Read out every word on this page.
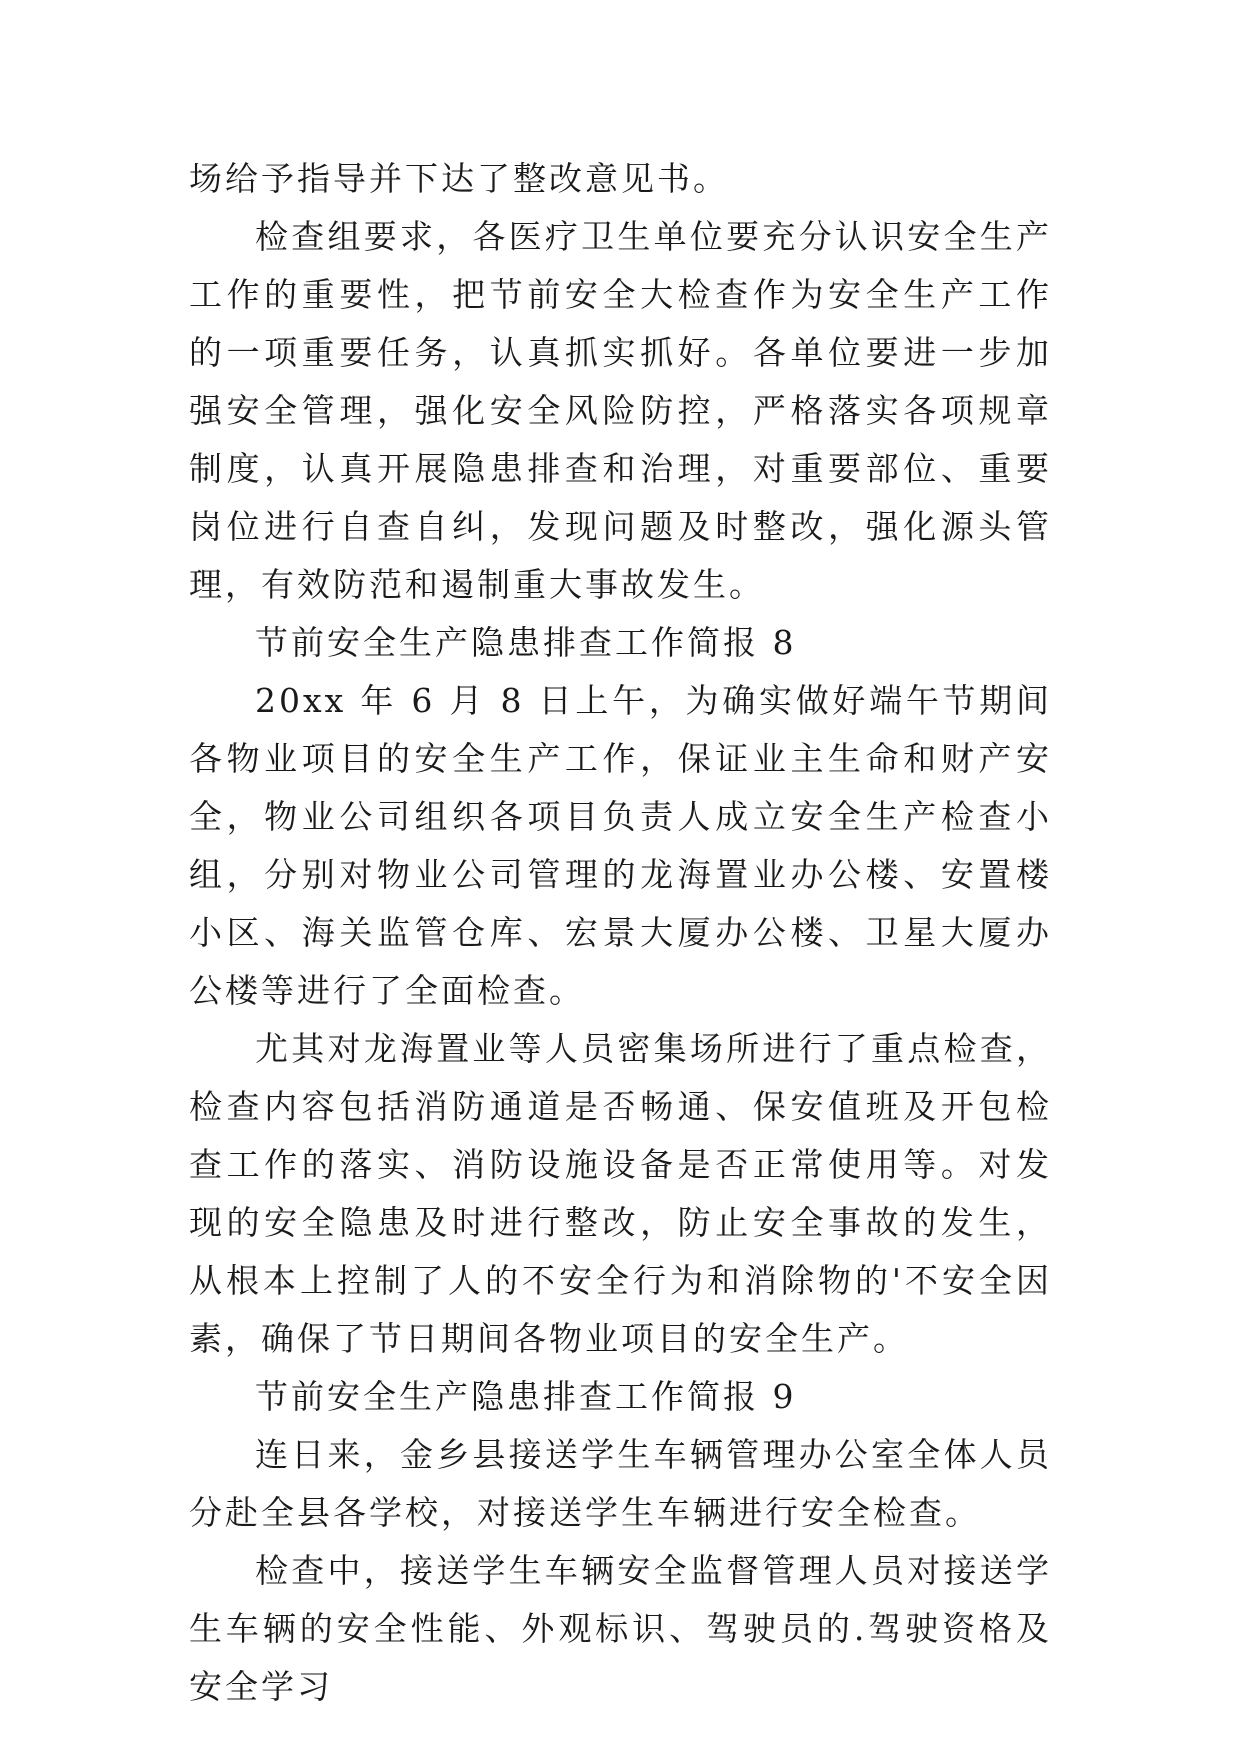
场给予指导并下达了整改意见书。

检查组要求，各医疗卫生单位要充分认识安全生产工作的重要性，把节前安全大检查作为安全生产工作的一项重要任务，认真抓实抓好。各单位要进一步加强安全管理，强化安全风险防控，严格落实各项规章制度，认真开展隐患排查和治理，对重要部位、重要岗位进行自查自纠，发现问题及时整改，强化源头管理，有效防范和遏制重大事故发生。

节前安全生产隐患排查工作简报 8

20xx 年 6 月 8 日上午，为确实做好端午节期间各物业项目的安全生产工作，保证业主生命和财产安全，物业公司组织各项目负责人成立安全生产检查小组，分别对物业公司管理的龙海置业办公楼、安置楼小区、海关监管仓库、宏景大厦办公楼、卫星大厦办公楼等进行了全面检查。

尤其对龙海置业等人员密集场所进行了重点检查，检查内容包括消防通道是否畅通、保安值班及开包检查工作的落实、消防设施设备是否正常使用等。对发现的安全隐患及时进行整改，防止安全事故的发生，从根本上控制了人的不安全行为和消除物的'不安全因素，确保了节日期间各物业项目的安全生产。

节前安全生产隐患排查工作简报 9

连日来，金乡县接送学生车辆管理办公室全体人员分赴全县各学校，对接送学生车辆进行安全检查。

检查中，接送学生车辆安全监督管理人员对接送学生车辆的安全性能、外观标识、驾驶员的.驾驶资格及安全学习
